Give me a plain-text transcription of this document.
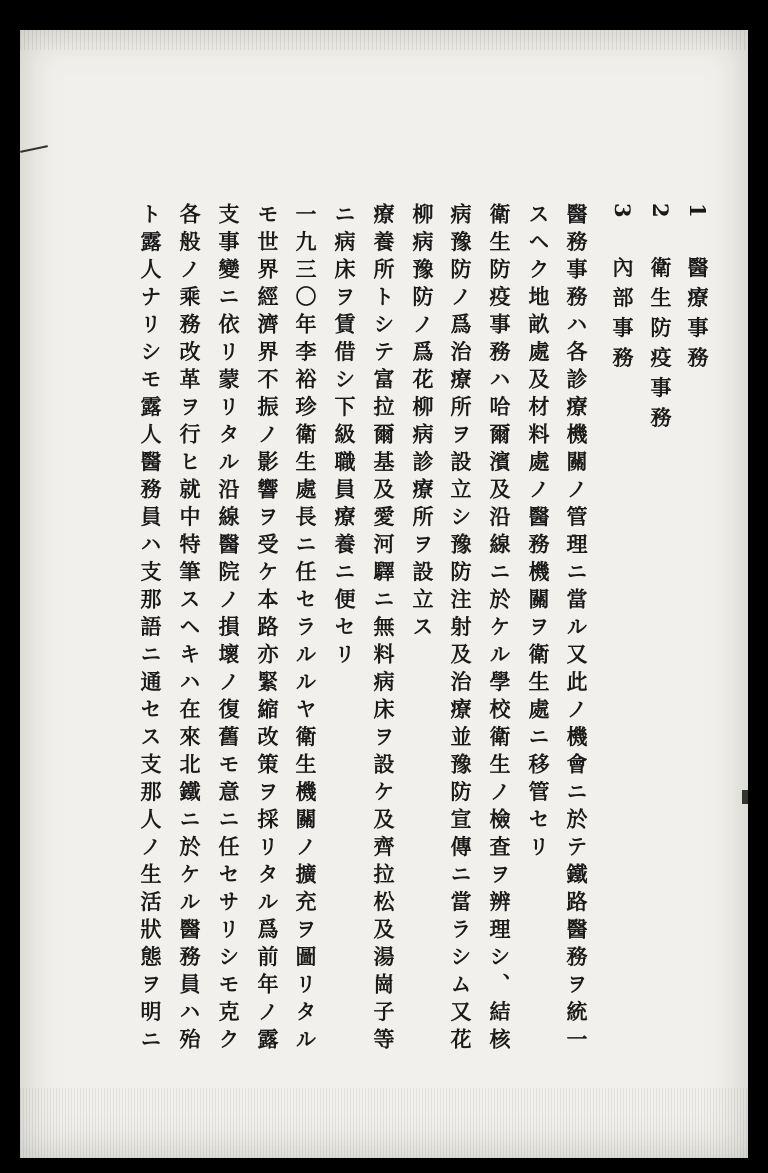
1　醫療事務
2　衛生防疫事務
3　內部事務
醫務事務ハ各診療機關ノ管理ニ當ル又此ノ機會ニ於テ鐵路醫務ヲ統一
スヘク地畝處及材料處ノ醫務機關ヲ衛生處ニ移管セリ
衛生防疫事務ハ哈爾濱及沿線ニ於ケル學校衛生ノ檢査ヲ辨理シ、結核
病豫防ノ爲治療所ヲ設立シ豫防注射及治療並豫防宣傳ニ當ラシム又花
柳病豫防ノ爲花柳病診療所ヲ設立ス
療養所トシテ富拉爾基及愛河驛ニ無料病床ヲ設ケ及齊拉松及湯崗子等
ニ病床ヲ賃借シ下級職員療養ニ便セリ
一九三〇年李裕珍衛生處長ニ任セラルルヤ衛生機關ノ擴充ヲ圖リタル
モ世界經濟界不振ノ影響ヲ受ケ本路亦緊縮改策ヲ採リタル爲前年ノ露
支事變ニ依リ蒙リタル沿線醫院ノ損壞ノ復舊モ意ニ任セサリシモ克ク
各般ノ乘務改革ヲ行ヒ就中特筆スヘキハ在來北鐵ニ於ケル醫務員ハ殆
ト露人ナリシモ露人醫務員ハ支那語ニ通セス支那人ノ生活狀態ヲ明ニ
